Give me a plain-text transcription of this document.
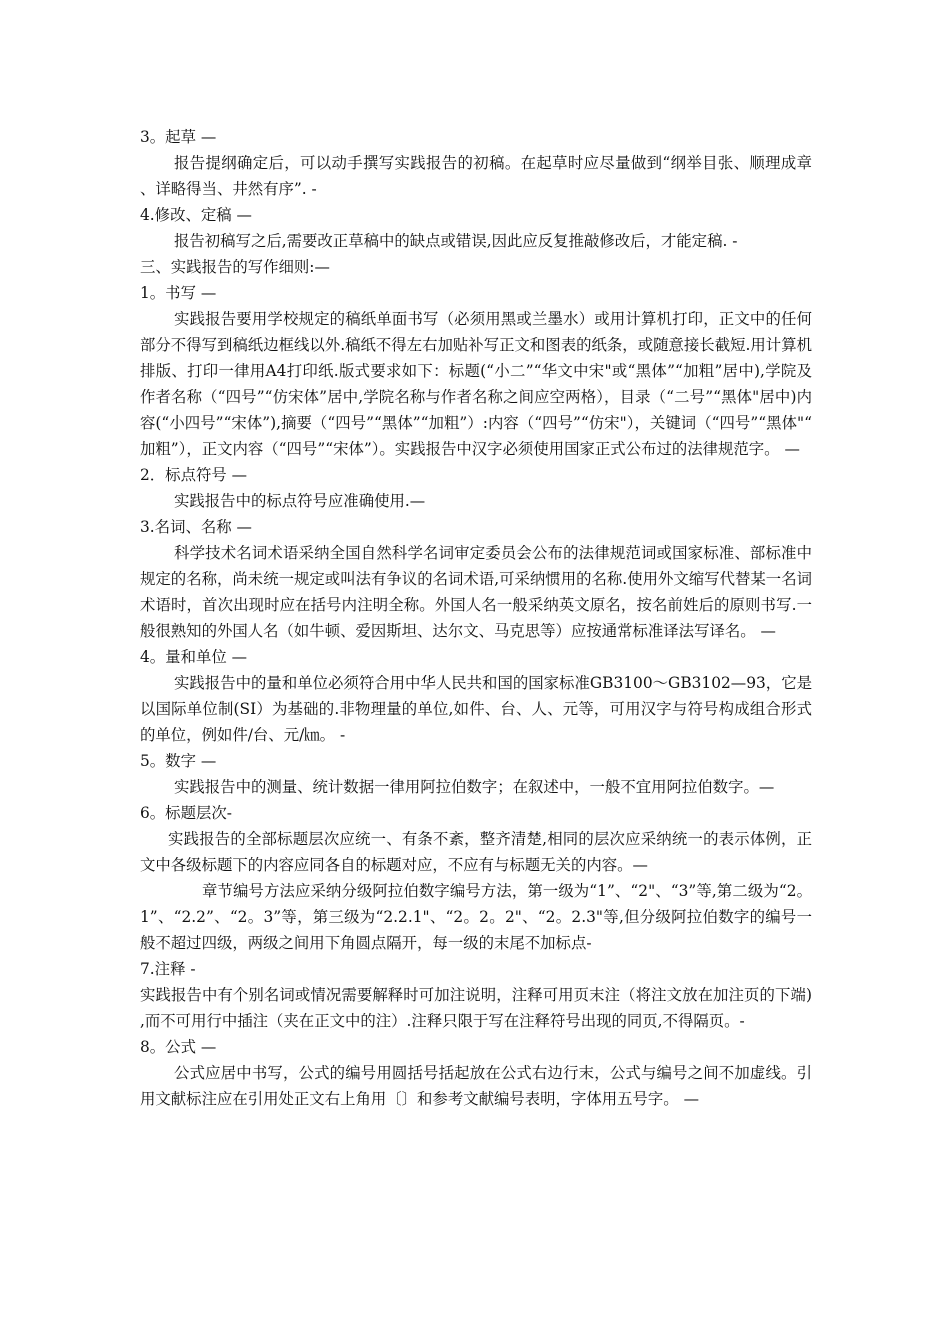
3。起草 —

报告提纲确定后，可以动手撰写实践报告的初稿。在起草时应尽量做到“纲举目张、顺理成章、详略得当、井然有序”. -

4.修改、定稿 —

报告初稿写之后,需要改正草稿中的缺点或错误,因此应反复推敲修改后，才能定稿. -

三、实践报告的写作细则:—

1。书写 —

实践报告要用学校规定的稿纸单面书写（必须用黑或兰墨水）或用计算机打印，正文中的任何部分不得写到稿纸边框线以外.稿纸不得左右加贴补写正文和图表的纸条，或随意接长截短.用计算机排版、打印一律用A4打印纸.版式要求如下：标题(“小二”“华文中宋"或“黑体”“加粗”居中),学院及作者名称（“四号”“仿宋体”居中,学院名称与作者名称之间应空两格），目录（“二号”“黑体"居中)内容(“小四号”“宋体”),摘要（“四号”“黑体”“加粗”）:内容（“四号”“仿宋"），关键词（“四号”“黑体"“加粗”），正文内容（“四号”“宋体”）。实践报告中汉字必须使用国家正式公布过的法律规范字。 —

2．标点符号 —

实践报告中的标点符号应准确使用.—

3.名词、名称 —

科学技术名词术语采纳全国自然科学名词审定委员会公布的法律规范词或国家标准、部标准中规定的名称，尚未统一规定或叫法有争议的名词术语,可采纳惯用的名称.使用外文缩写代替某一名词术语时，首次出现时应在括号内注明全称。外国人名一般采纳英文原名，按名前姓后的原则书写.一般很熟知的外国人名（如牛顿、爱因斯坦、达尔文、马克思等）应按通常标准译法写译名。 —

4。量和单位 —

实践报告中的量和单位必须符合用中华人民共和国的国家标准GB3100～GB3102—93，它是以国际单位制(SI）为基础的.非物理量的单位,如件、台、人、元等，可用汉字与符号构成组合形式的单位，例如件/台、元/㎞。 -

5。数字 —

实践报告中的测量、统计数据一律用阿拉伯数字；在叙述中，一般不宜用阿拉伯数字。—

6。标题层次-

实践报告的全部标题层次应统一、有条不紊，整齐清楚,相同的层次应采纳统一的表示体例，正文中各级标题下的内容应同各自的标题对应，不应有与标题无关的内容。—

章节编号方法应采纳分级阿拉伯数字编号方法，第一级为“1”、“2"、“3”等,第二级为“2。1”、“2.2”、“2。3”等，第三级为“2.2.1"、“2。2。2"、“2。2.3"等,但分级阿拉伯数字的编号一般不超过四级，两级之间用下角圆点隔开，每一级的末尾不加标点-

7.注释 -

实践报告中有个别名词或情况需要解释时可加注说明，注释可用页末注（将注文放在加注页的下端),而不可用行中插注（夹在正文中的注）.注释只限于写在注释符号出现的同页,不得隔页。-

8。公式 —

公式应居中书写，公式的编号用圆括号括起放在公式右边行末，公式与编号之间不加虚线。引用文献标注应在引用处正文右上角用〔〕和参考文献编号表明，字体用五号字。 —
